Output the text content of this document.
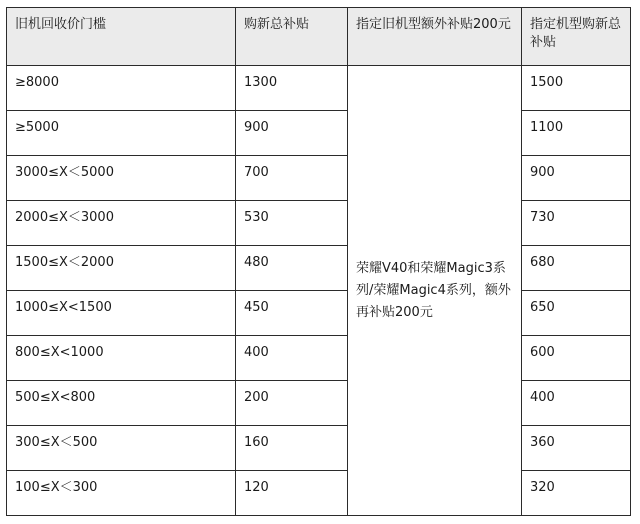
旧机回收价门槛	购新总补贴	指定旧机型额外补贴200元	指定机型购新总补贴
≥8000	1300	荣耀V40和荣耀Magic3系列/荣耀Magic4系列，额外再补贴200元	1500
≥5000	900		1100
3000≤X＜5000	700		900
2000≤X＜3000	530		730
1500≤X＜2000	480		680
1000≤X<1500	450		650
800≤X<1000	400		600
500≤X<800	200		400
300≤X＜500	160		360
100≤X＜300	120		320
